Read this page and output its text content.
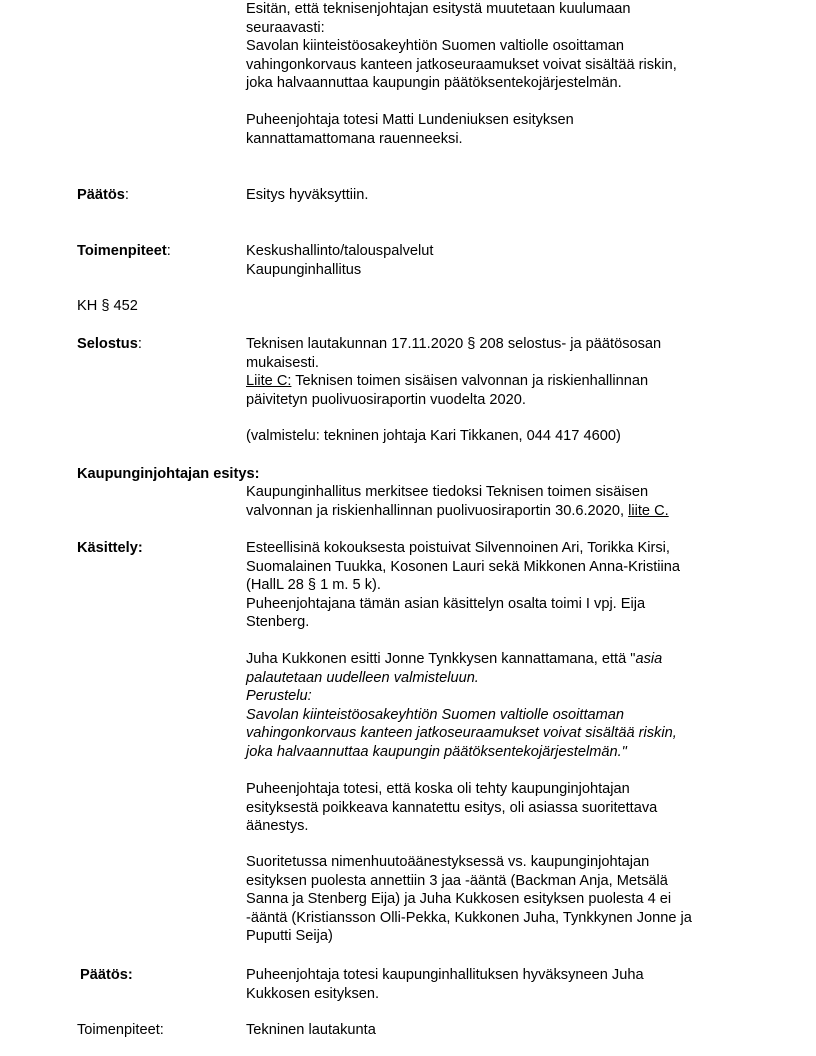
Esitän, että teknisenjohtajan esitystä muutetaan kuulumaan
seuraavasti:
Savolan kiinteistöosakeyhtiön Suomen valtiolle osoittaman
vahingonkorvaus kanteen jatkoseuraamukset voivat sisältää riskin,
joka halvaannuttaa kaupungin päätöksentekojärjestelmän.
Puheenjohtaja totesi Matti Lundeniuksen esityksen
kannattamattomana rauenneeksi.
Päätös:	Esitys hyväksyttiin.
Toimenpiteet:	Keskushallinto/talouspalvelut
Kaupunginhallitus
KH § 452
Selostus:	Teknisen lautakunnan 17.11.2020 § 208 selostus- ja päätösosan
mukaisesti.
Liite C: Teknisen toimen sisäisen valvonnan ja riskienhallinnan
päivitetyn puolivuosiraportin vuodelta 2020.
(valmistelu: tekninen johtaja Kari Tikkanen, 044 417 4600)
Kaupunginjohtajan esitys:
Kaupunginhallitus merkitsee tiedoksi Teknisen toimen sisäisen
valvonnan ja riskienhallinnan puolivuosiraportin 30.6.2020, liite C.
Käsittely:	Esteellisinä kokouksesta poistuivat Silvennoinen Ari, Torikka Kirsi,
Suomalainen Tuukka, Kosonen Lauri sekä Mikkonen Anna-Kristiina
(HallL 28 § 1 m. 5 k).
Puheenjohtajana tämän asian käsittelyn osalta toimi I vpj. Eija
Stenberg.
Juha Kukkonen esitti Jonne Tynkkysen kannattamana, että "asia
palautetaan uudelleen valmisteluun.
Perustelu:
Savolan kiinteistöosakeyhtiön Suomen valtiolle osoittaman
vahingonkorvaus kanteen jatkoseuraamukset voivat sisältää riskin,
joka halvaannuttaa kaupungin päätöksentekojärjestelmän."
Puheenjohtaja totesi, että koska oli tehty kaupunginjohtajan
esityksestä poikkeava kannatettu esitys, oli asiassa suoritettava
äänestys.
Suoritetussa nimenhuutoäänestyksessä vs. kaupunginjohtajan
esityksen puolesta annettiin 3 jaa -ääntä (Backman Anja, Metsälä
Sanna ja Stenberg Eija) ja Juha Kukkosen esityksen puolesta 4 ei
-ääntä (Kristiansson Olli-Pekka, Kukkonen Juha, Tynkkynen Jonne ja
Puputti Seija)
Päätös:	Puheenjohtaja totesi kaupunginhallituksen hyväksyneen Juha
Kukkosen esityksen.
Toimenpiteet:	Tekninen lautakunta
